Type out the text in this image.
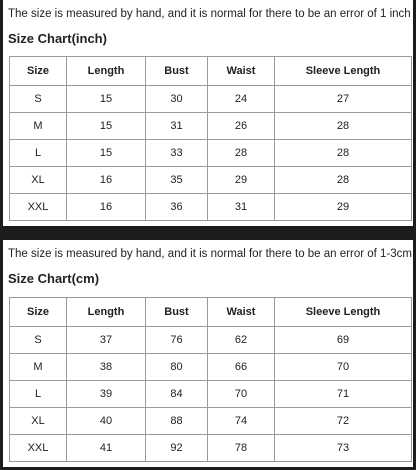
The size is measured by hand, and it is normal for there to be an error of 1 inch
Size Chart(inch)
Size	Length	Bust	Waist	Sleeve Length
S	15	30	24	27
M	15	31	26	28
L	15	33	28	28
XL	16	35	29	28
XXL	16	36	31	29
The size is measured by hand, and it is normal for there to be an error of 1-3cm
Size Chart(cm)
Size	Length	Bust	Waist	Sleeve Length
S	37	76	62	69
M	38	80	66	70
L	39	84	70	71
XL	40	88	74	72
XXL	41	92	78	73
